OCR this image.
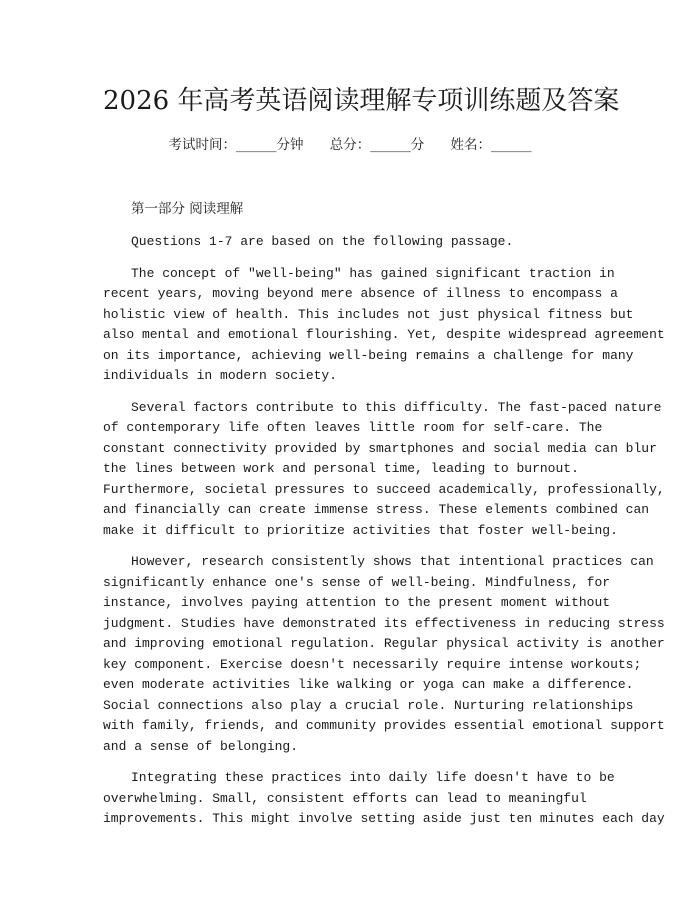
2026 年高考英语阅读理解专项训练题及答案
考试时间：______分钟 总分：______分 姓名：______
第一部分 阅读理解
Questions 1-7 are based on the following passage.
The concept of "well-being" has gained significant traction in
recent years, moving beyond mere absence of illness to encompass a
holistic view of health. This includes not just physical fitness but
also mental and emotional flourishing. Yet, despite widespread agreement
on its importance, achieving well-being remains a challenge for many
individuals in modern society.
Several factors contribute to this difficulty. The fast-paced nature
of contemporary life often leaves little room for self-care. The
constant connectivity provided by smartphones and social media can blur
the lines between work and personal time, leading to burnout.
Furthermore, societal pressures to succeed academically, professionally,
and financially can create immense stress. These elements combined can
make it difficult to prioritize activities that foster well-being.
However, research consistently shows that intentional practices can
significantly enhance one's sense of well-being. Mindfulness, for
instance, involves paying attention to the present moment without
judgment. Studies have demonstrated its effectiveness in reducing stress
and improving emotional regulation. Regular physical activity is another
key component. Exercise doesn't necessarily require intense workouts;
even moderate activities like walking or yoga can make a difference.
Social connections also play a crucial role. Nurturing relationships
with family, friends, and community provides essential emotional support
and a sense of belonging.
Integrating these practices into daily life doesn't have to be
overwhelming. Small, consistent efforts can lead to meaningful
improvements. This might involve setting aside just ten minutes each day
